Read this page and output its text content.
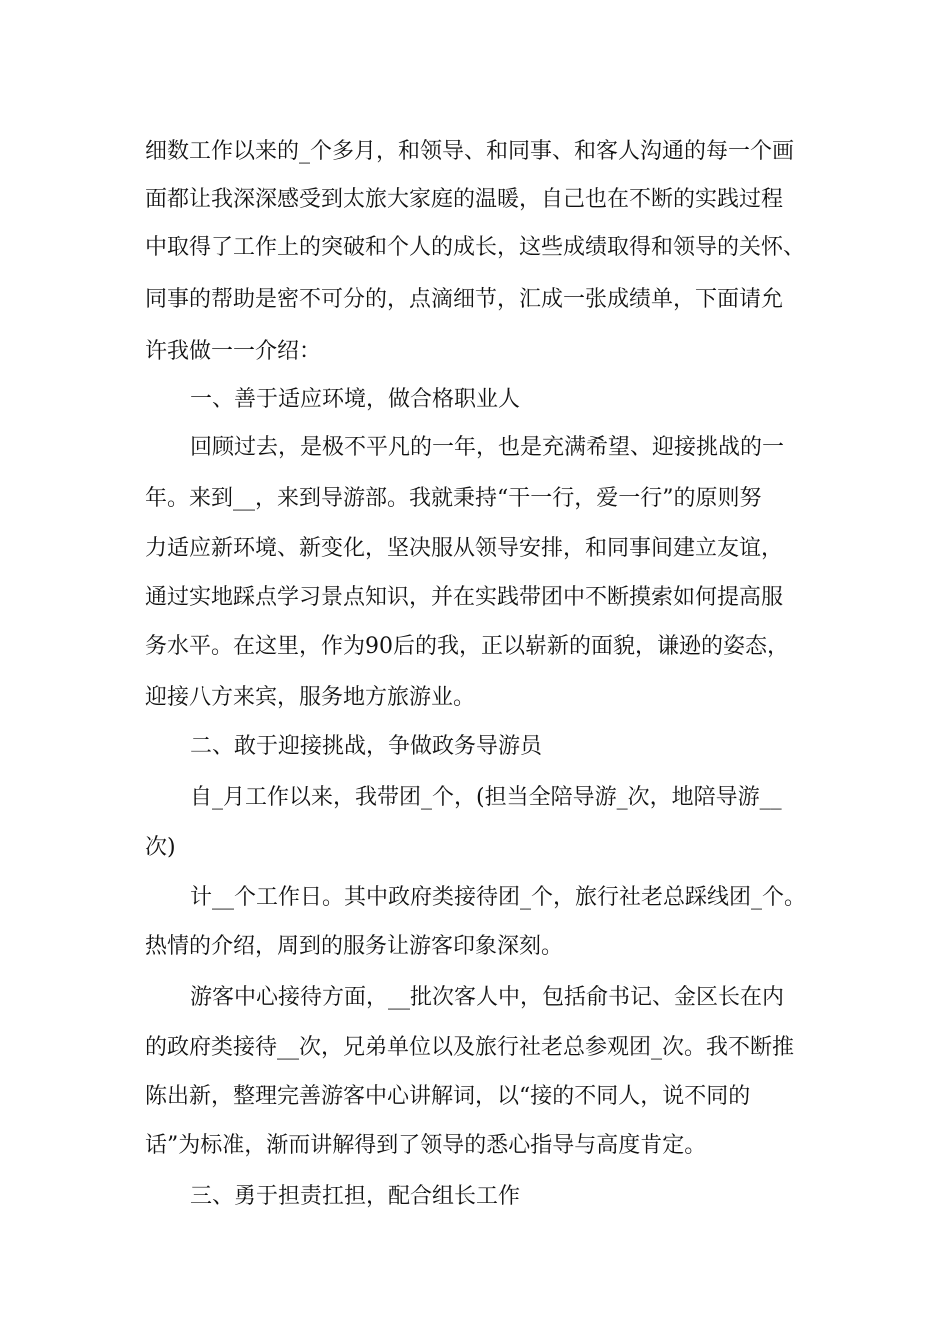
细数工作以来的_个多月，和领导、和同事、和客人沟通的每一个画
面都让我深深感受到太旅大家庭的温暖，自己也在不断的实践过程
中取得了工作上的突破和个人的成长，这些成绩取得和领导的关怀、
同事的帮助是密不可分的，点滴细节，汇成一张成绩单，下面请允
许我做一一介绍：
一、善于适应环境，做合格职业人
回顾过去，是极不平凡的一年，也是充满希望、迎接挑战的一
年。来到__，来到导游部。我就秉持“干一行，爱一行”的原则努
力适应新环境、新变化，坚决服从领导安排，和同事间建立友谊，
通过实地踩点学习景点知识，并在实践带团中不断摸索如何提高服
务水平。在这里，作为90后的我，正以崭新的面貌，谦逊的姿态，
迎接八方来宾，服务地方旅游业。
二、敢于迎接挑战，争做政务导游员
自_月工作以来，我带团_个，(担当全陪导游_次，地陪导游__
次)
计__个工作日。其中政府类接待团_个，旅行社老总踩线团_个。
热情的介绍，周到的服务让游客印象深刻。
游客中心接待方面，__批次客人中，包括俞书记、金区长在内
的政府类接待__次，兄弟单位以及旅行社老总参观团_次。我不断推
陈出新，整理完善游客中心讲解词，以“接的不同人，说不同的
话”为标准，渐而讲解得到了领导的悉心指导与高度肯定。
三、勇于担责扛担，配合组长工作
